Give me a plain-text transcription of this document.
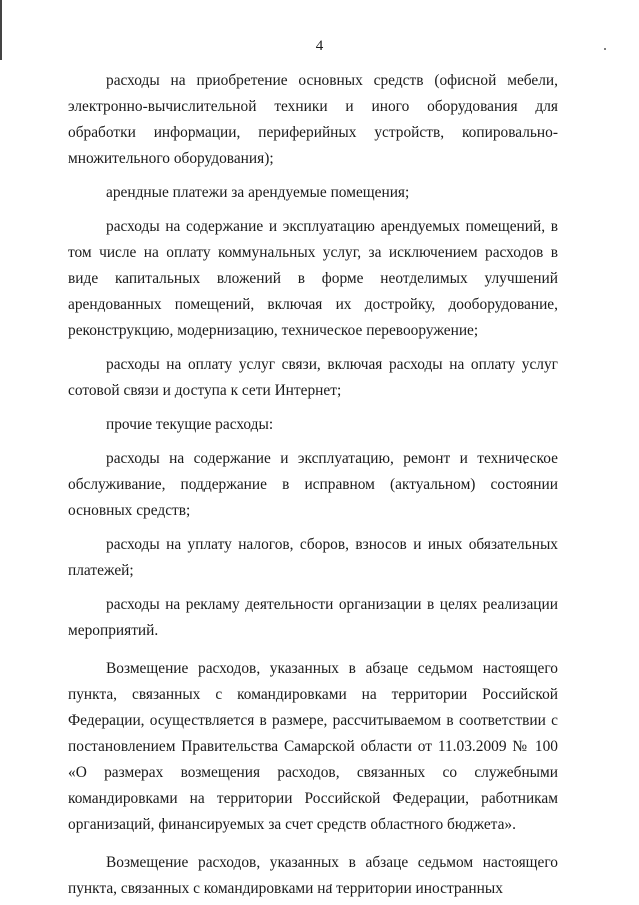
4

расходы на приобретение основных средств (офисной мебели, электронно-вычислительной техники и иного оборудования для обработки информации, периферийных устройств, копировально-множительного оборудования);

арендные платежи за арендуемые помещения;

расходы на содержание и эксплуатацию арендуемых помещений, в том числе на оплату коммунальных услуг, за исключением расходов в виде капитальных вложений в форме неотделимых улучшений арендованных помещений, включая их достройку, дооборудование, реконструкцию, модернизацию, техническое перевооружение;

расходы на оплату услуг связи, включая расходы на оплату услуг сотовой связи и доступа к сети Интернет;

прочие текущие расходы:

расходы на содержание и эксплуатацию, ремонт и техническое обслуживание, поддержание в исправном (актуальном) состоянии основных средств;

расходы на уплату налогов, сборов, взносов и иных обязательных платежей;

расходы на рекламу деятельности организации в целях реализации мероприятий.

Возмещение расходов, указанных в абзаце седьмом настоящего пункта, связанных с командировками на территории Российской Федерации, осуществляется в размере, рассчитываемом в соответствии с постановлением Правительства Самарской области от 11.03.2009 № 100 «О размерах возмещения расходов, связанных со служебными командировками на территории Российской Федерации, работникам организаций, финансируемых за счет средств областного бюджета».

Возмещение расходов, указанных в абзаце седьмом настоящего пункта, связанных с командировками на территории иностранных
